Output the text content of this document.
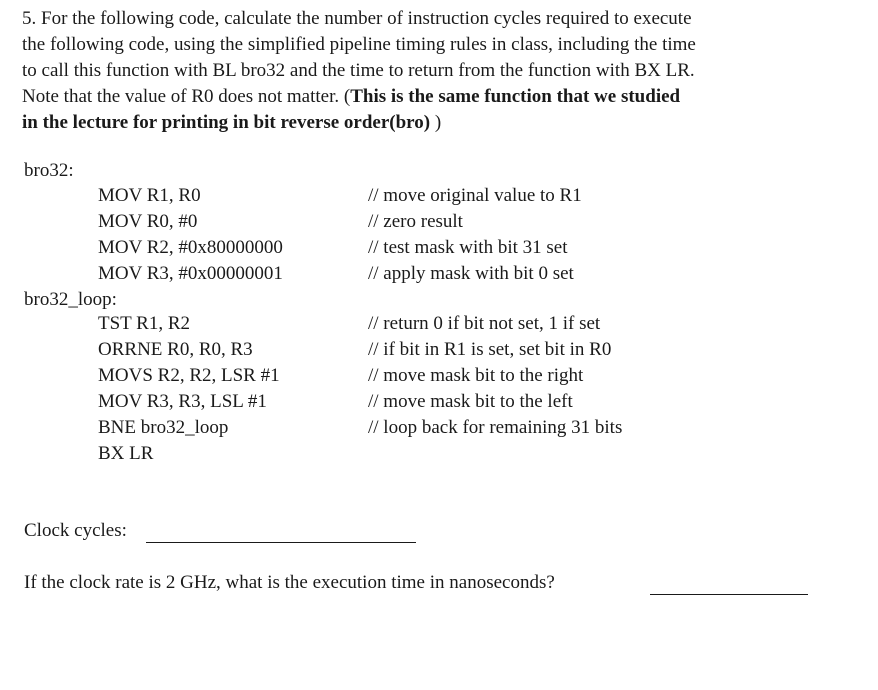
5. For the following code, calculate the number of instruction cycles required to execute
the following code, using the simplified pipeline timing rules in class, including the time
to call this function with BL bro32 and the time to return from the function with BX LR.
Note that the value of R0 does not matter. (This is the same function that we studied
in the lecture for printing in bit reverse order(bro) )
bro32:
bro32_loop:
MOV R1, R0	// move original value to R1
MOV R0, #0	// zero result
MOV R2, #0x80000000	// test mask with bit 31 set
MOV R3, #0x00000001	// apply mask with bit 0 set
TST R1, R2	// return 0 if bit not set, 1 if set
ORRNE R0, R0, R3	// if bit in R1 is set, set bit in R0
MOVS R2, R2, LSR #1	// move mask bit to the right
MOV R3, R3, LSL #1	// move mask bit to the left
BNE bro32_loop	// loop back for remaining 31 bits
BX LR
Clock cycles:
If the clock rate is 2 GHz, what is the execution time in nanoseconds?
